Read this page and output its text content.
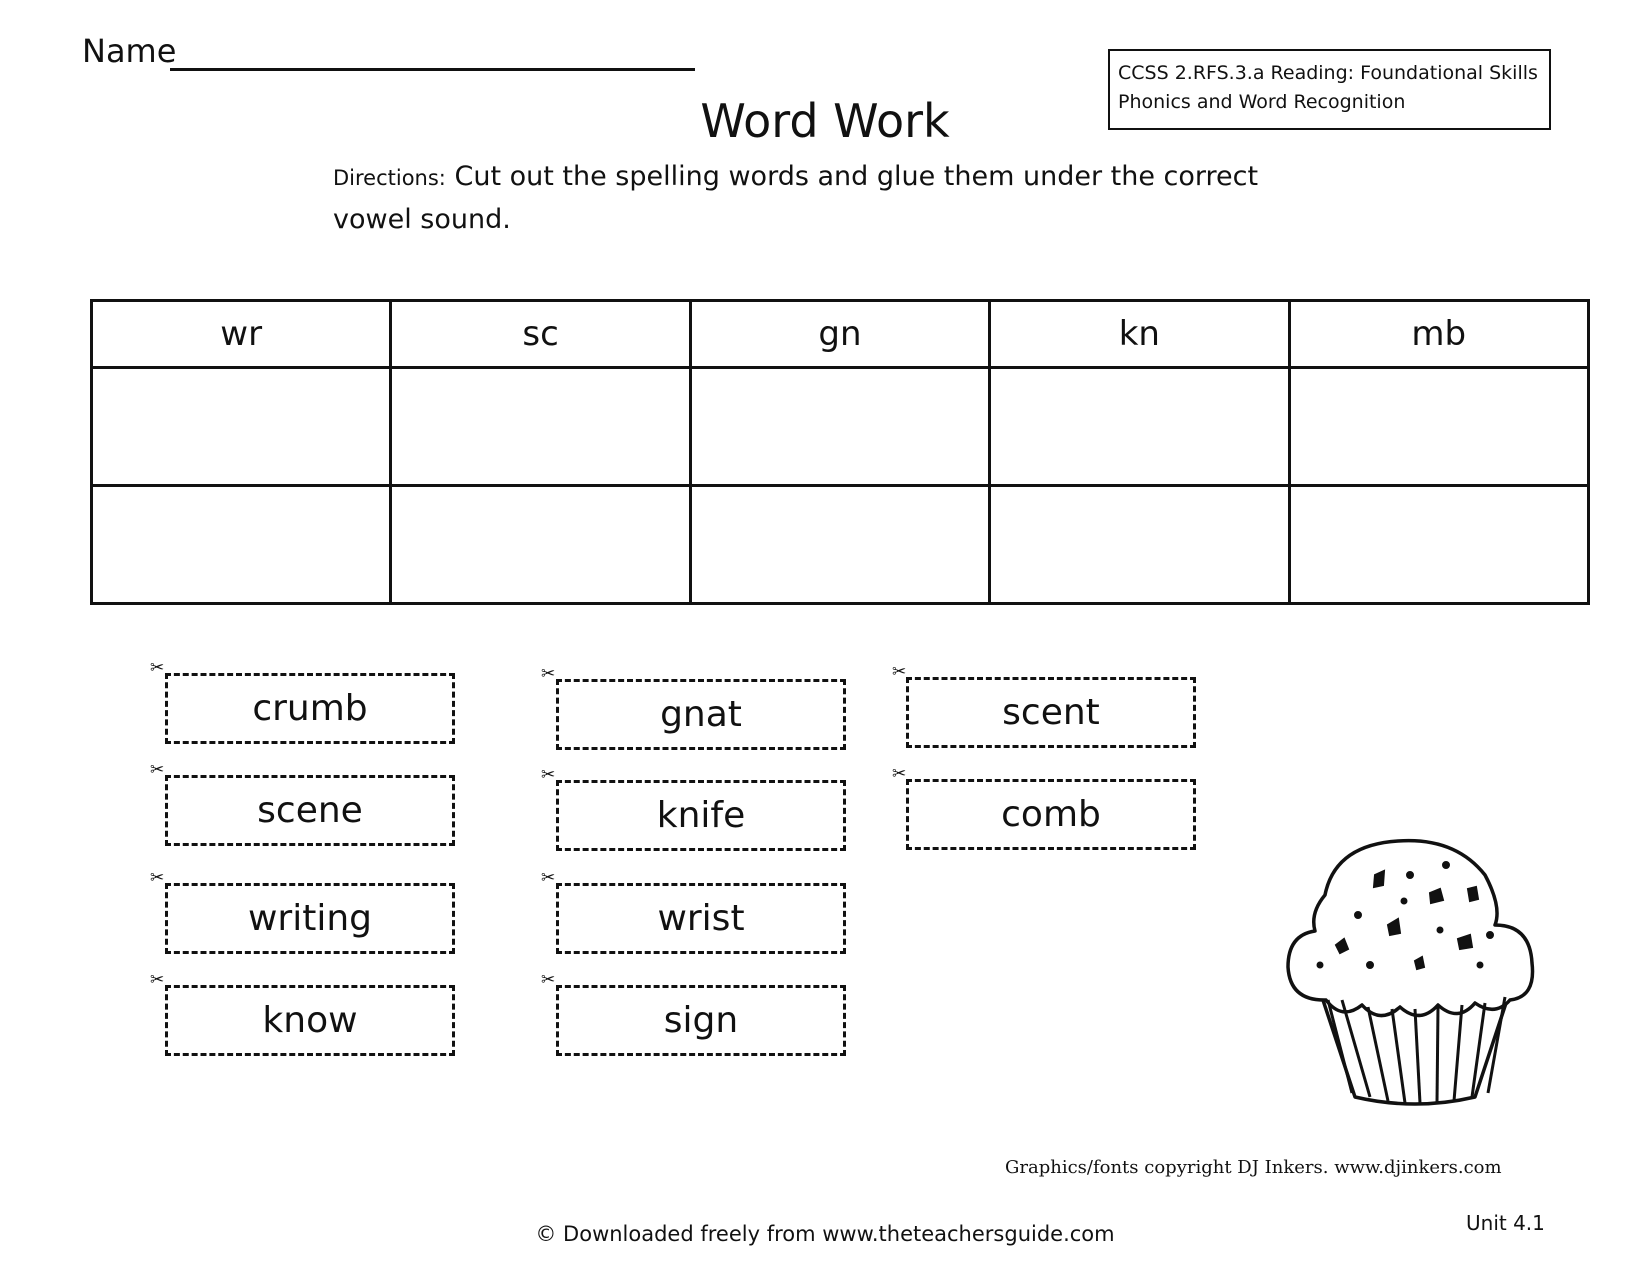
Name
CCSS 2.RFS.3.a Reading: Foundational Skills
Phonics and Word Recognition
Word Work
Directions: Cut out the spelling words and glue them under the correct vowel sound.
wr	sc	gn	kn	mb

✂
crumb
✂
scene
✂
writing
✂
know
✂
gnat
✂
knife
✂
wrist
✂
sign
✂
scent
✂
comb
Graphics/fonts copyright DJ Inkers. www.djinkers.com
Unit 4.1
© Downloaded freely from www.theteachersguide.com
